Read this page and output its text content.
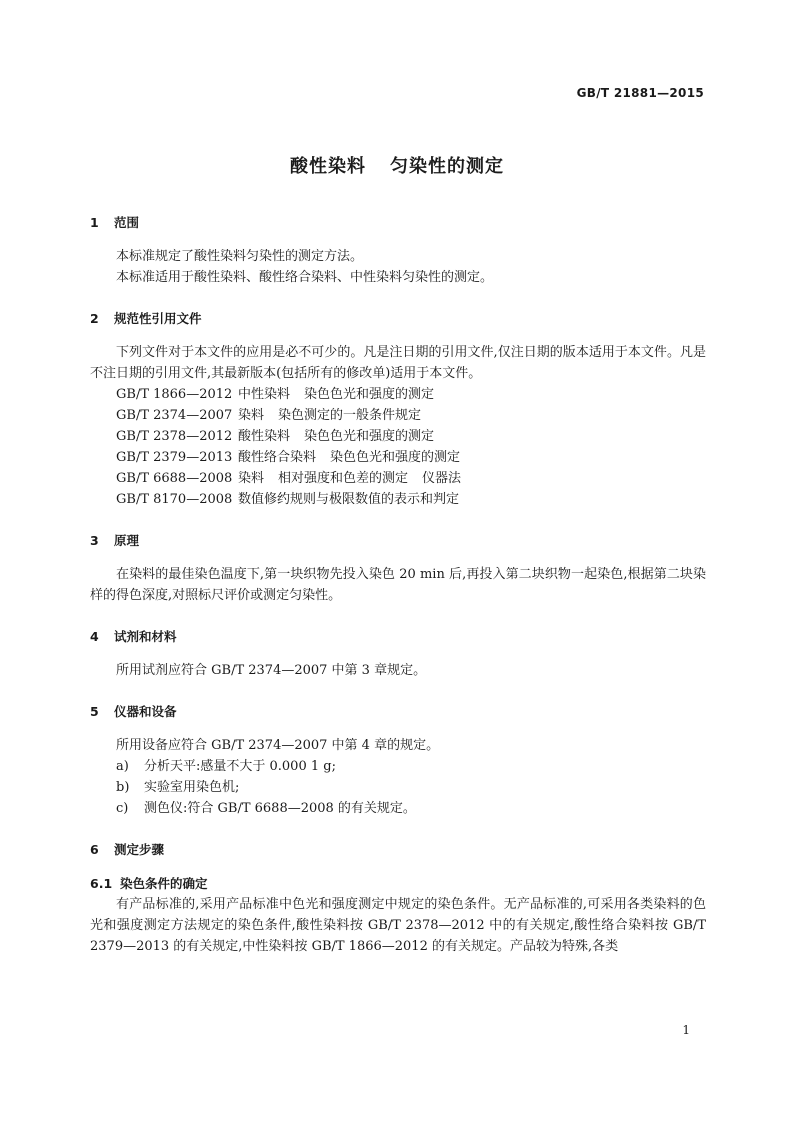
GB/T 21881—2015
酸性染料 匀染性的测定
1 范围

本标准规定了酸性染料匀染性的测定方法。

本标准适用于酸性染料、酸性络合染料、中性染料匀染性的测定。

2 规范性引用文件

下列文件对于本文件的应用是必不可少的。凡是注日期的引用文件,仅注日期的版本适用于本文件。凡是不注日期的引用文件,其最新版本(包括所有的修改单)适用于本文件。

GB/T 1866—2012 中性染料 染色色光和强度的测定
GB/T 2374—2007 染料 染色测定的一般条件规定
GB/T 2378—2012 酸性染料 染色色光和强度的测定
GB/T 2379—2013 酸性络合染料 染色色光和强度的测定
GB/T 6688—2008 染料 相对强度和色差的测定 仪器法
GB/T 8170—2008 数值修约规则与极限数值的表示和判定
3 原理

在染料的最佳染色温度下,第一块织物先投入染色 20 min 后,再投入第二块织物一起染色,根据第二块染样的得色深度,对照标尺评价或测定匀染性。

4 试剂和材料

所用试剂应符合 GB/T 2374—2007 中第 3 章规定。

5 仪器和设备

所用设备应符合 GB/T 2374—2007 中第 4 章的规定。

a) 分析天平:感量不大于 0.000 1 g;
b) 实验室用染色机;
c) 测色仪:符合 GB/T 6688—2008 的有关规定。
6 测定步骤
6.1 染色条件的确定

有产品标准的,采用产品标准中色光和强度测定中规定的染色条件。无产品标准的,可采用各类染料的色光和强度测定方法规定的染色条件,酸性染料按 GB/T 2378—2012 中的有关规定,酸性络合染料按 GB/T 2379—2013 的有关规定,中性染料按 GB/T 1866—2012 的有关规定。产品较为特殊,各类

1
